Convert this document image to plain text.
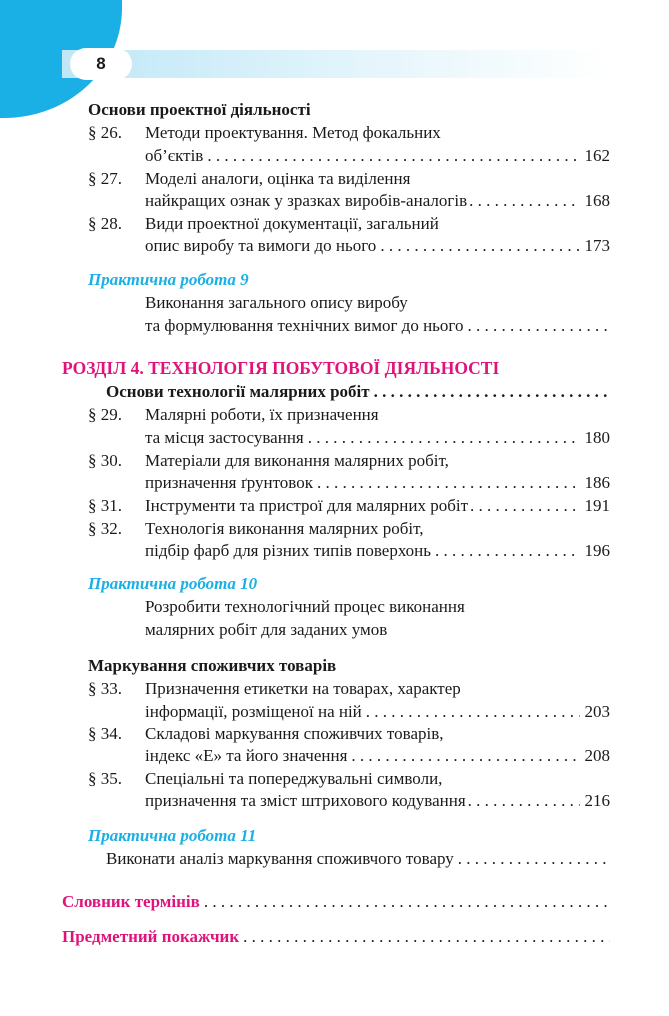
8
Основи проектної діяльності
§ 26.	Методи проектування. Метод фокальних
об’єктів . . .	162
§ 27.	Моделі аналоги, оцінка та виділення
найкращих ознак у зразках виробів-аналогів . . .	168
§ 28.	Види проектної документації, загальний
опис виробу та вимоги до нього . . .	173
Практична робота 9
Виконання загального опису виробу
та формулювання технічних вимог до нього
. . .
РОЗДІЛ 4. ТЕХНОЛОГІЯ ПОБУТОВОЇ ДІЯЛЬНОСТІ
Основи технології малярних робіт
. . .
§ 29.	Малярні роботи, їх призначення
та місця застосування . . .	180
§ 30.	Матеріали для виконання малярних робіт,
призначення ґрунтовок . . .	186
§ 31.	Інструменти та пристрої для малярних робіт . . .	191
§ 32.	Технологія виконання малярних робіт,
підбір фарб для різних типів поверхонь . . .	196
Практична робота 10
Розробити технологічний процес виконання
малярних робіт для заданих умов
Маркування споживчих товарів
§ 33.	Призначення етикетки на товарах, характер
інформації, розміщеної на ній . . .	203
§ 34.	Складові маркування споживчих товарів,
індекс «Е» та його значення . . .	208
§ 35.	Спеціальні та попереджувальні символи,
призначення та зміст штрихового кодування . . .	216
Практична робота 11
Виконати аналіз маркування споживчого товару
. . .
Словник термінів
. . .
Предметний покажчик
. . .
